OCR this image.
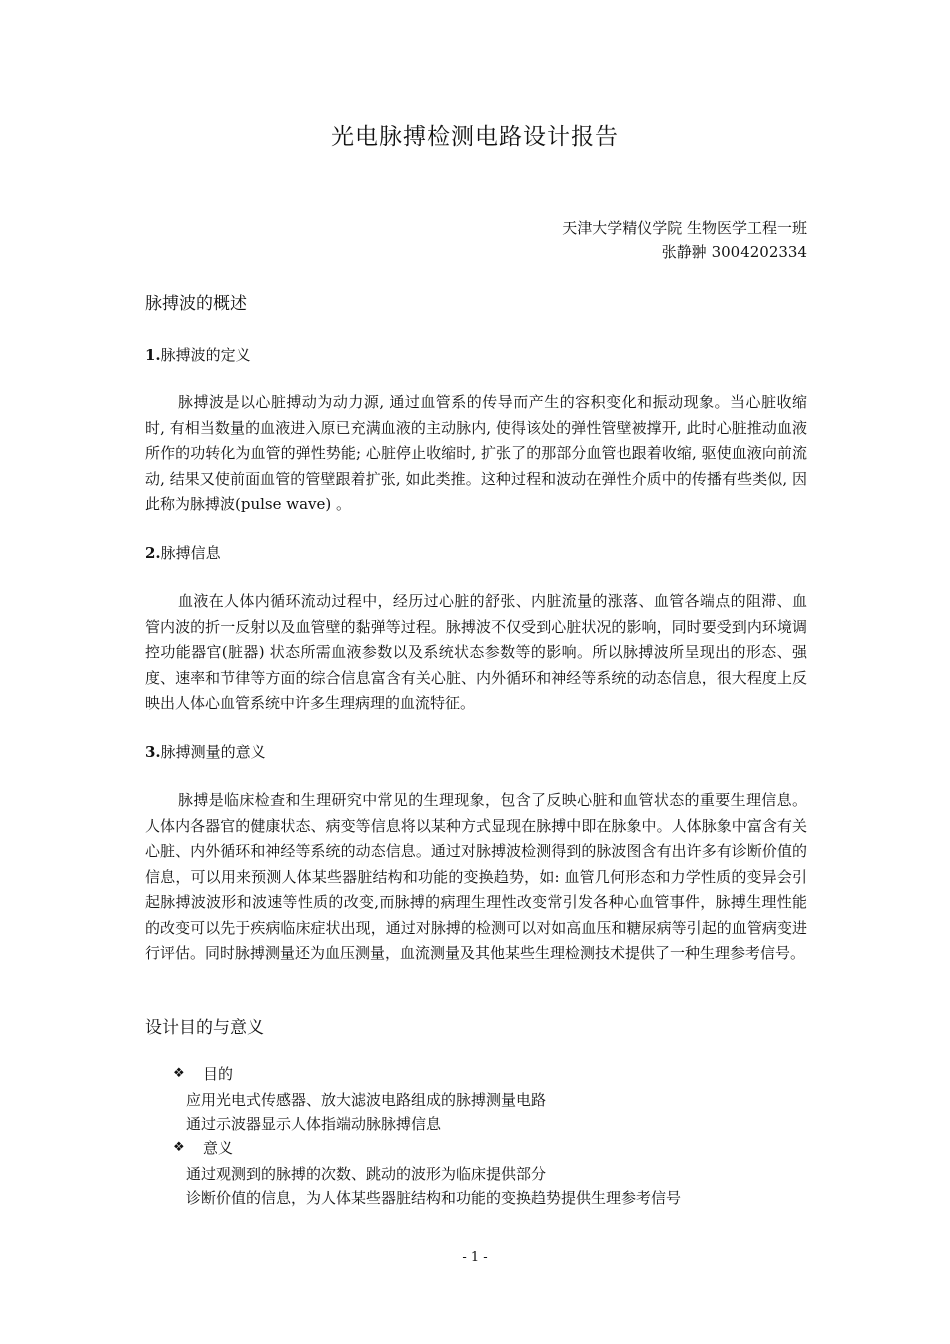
光电脉搏检测电路设计报告
天津大学精仪学院 生物医学工程一班
张静翀 3004202334
脉搏波的概述
1.脉搏波的定义

脉搏波是以心脏搏动为动力源, 通过血管系的传导而产生的容积变化和振动现象。当心脏收缩时, 有相当数量的血液进入原已充满血液的主动脉内, 使得该处的弹性管壁被撑开, 此时心脏推动血液所作的功转化为血管的弹性势能; 心脏停止收缩时, 扩张了的那部分血管也跟着收缩, 驱使血液向前流动, 结果又使前面血管的管壁跟着扩张, 如此类推。这种过程和波动在弹性介质中的传播有些类似, 因此称为脉搏波(pulse wave) 。

2.脉搏信息

血液在人体内循环流动过程中，经历过心脏的舒张、内脏流量的涨落、血管各端点的阻滞、血管内波的折一反射以及血管壁的黏弹等过程。脉搏波不仅受到心脏状况的影响，同时要受到内环境调控功能器官(脏器) 状态所需血液参数以及系统状态参数等的影响。所以脉搏波所呈现出的形态、强度、速率和节律等方面的综合信息富含有关心脏、内外循环和神经等系统的动态信息，很大程度上反映出人体心血管系统中许多生理病理的血流特征。

3.脉搏测量的意义

脉搏是临床检查和生理研究中常见的生理现象，包含了反映心脏和血管状态的重要生理信息。人体内各器官的健康状态、病变等信息将以某种方式显现在脉搏中即在脉象中。人体脉象中富含有关心脏、内外循环和神经等系统的动态信息。通过对脉搏波检测得到的脉波图含有出许多有诊断价值的信息，可以用来预测人体某些器脏结构和功能的变换趋势，如: 血管几何形态和力学性质的变异会引起脉搏波波形和波速等性质的改变,而脉搏的病理生理性改变常引发各种心血管事件，脉搏生理性能的改变可以先于疾病临床症状出现，通过对脉搏的检测可以对如高血压和糖尿病等引起的血管病变进行评估。同时脉搏测量还为血压测量，血流测量及其他某些生理检测技术提供了一种生理参考信号。

设计目的与意义
❖	目的
应用光电式传感器、放大滤波电路组成的脉搏测量电路
通过示波器显示人体指端动脉脉搏信息
❖	意义
通过观测到的脉搏的次数、跳动的波形为临床提供部分
诊断价值的信息，为人体某些器脏结构和功能的变换趋势提供生理参考信号
- 1 -
